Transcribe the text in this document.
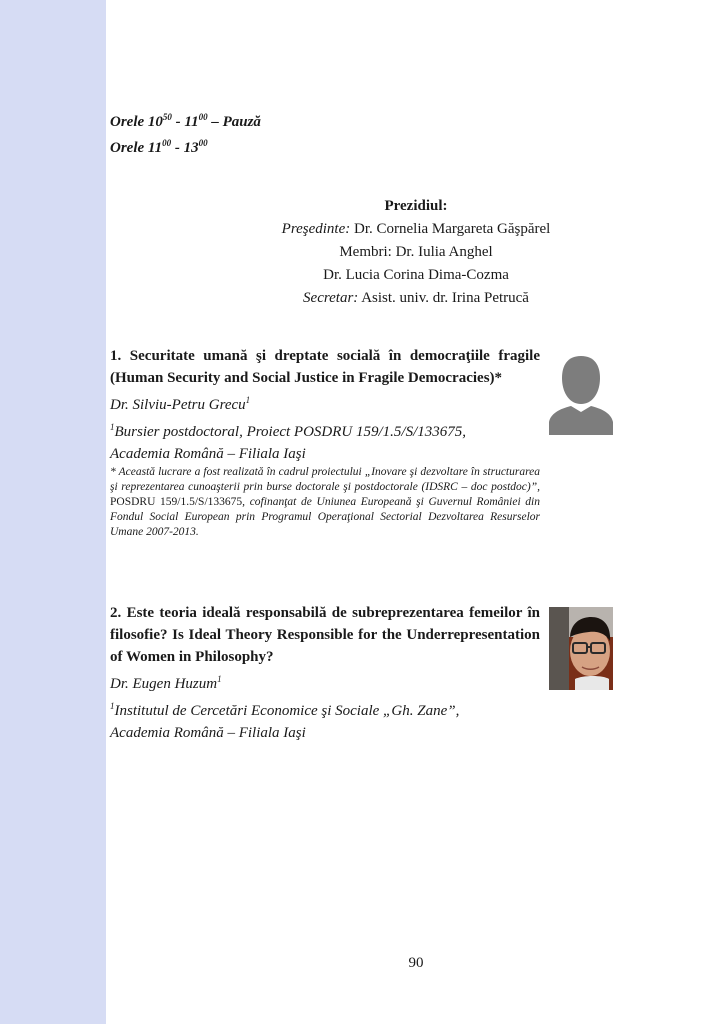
Orele $10^{50} - 11^{00}$ – Pauză
Orele $11^{00} - 13^{00}$
Prezidiul:
Preşedinte: Dr. Cornelia Margareta Găşpărel
Membri: Dr. Iulia Anghel
Dr. Lucia Corina Dima-Cozma
Secretar: Asist. univ. dr. Irina Petrucă
1. Securitate umană şi dreptate socială în democraţiile fragile (Human Security and Social Justice in Fragile Democracies)*
Dr. Silviu-Petru Grecu$^1$
$^1$Bursier postdoctoral, Proiect POSDRU 159/1.5/S/133675,
Academia Română – Filiala Iaşi
* Această lucrare a fost realizată în cadrul proiectului „Inovare şi dezvoltare în structurarea şi reprezentarea cunoaşterii prin burse doctorale şi postdoctorale (IDSRC – doc postdoc)”, POSDRU 159/1.5/S/133675, cofinanţat de Uniunea Europeană şi Guvernul României din Fondul Social European prin Programul Operaţional Sectorial Dezvoltarea Resurselor Umane 2007-2013.
2. Este teoria ideală responsabilă de subreprezentarea femeilor în filosofie? Is Ideal Theory Responsible for the Underrepresentation of Women in Philosophy?
Dr. Eugen Huzum$^1$
$^1$Institutul de Cercetări Economice şi Sociale „Gh. Zane”,
Academia Română – Filiala Iaşi
90
